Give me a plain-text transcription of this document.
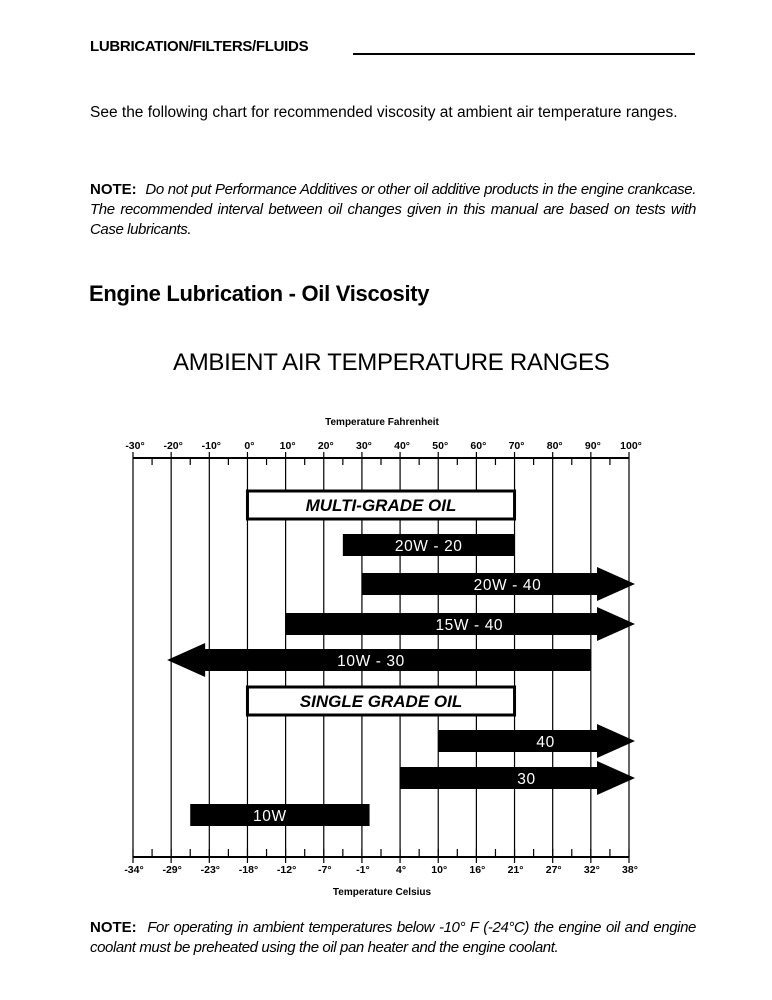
LUBRICATION/FILTERS/FLUIDS
See the following chart for recommended viscosity at ambient air temperature ranges.
NOTE: Do not put Performance Additives or other oil additive products in the engine crankcase. The recommended interval between oil changes given in this manual are based on tests with Case lubricants.
Engine Lubrication - Oil Viscosity
AMBIENT AIR TEMPERATURE RANGES
Temperature Fahrenheit
Temperature Celsius
-30° -20° -10° 0° 10° 20° 30° 40° 50° 60° 70° 80° 90° 100°
-34° -29° -23° -18° -12° -7° -1°	4° 10° 16° 21° 27° 32° 38°
MULTI-GRADE OIL
20W - 20
20W - 40
15W - 40
10W - 30
SINGLE GRADE OIL
40
30
10W
NOTE: For operating in ambient temperatures below -10° F (-24°C) the engine oil and engine coolant must be preheated using the oil pan heater and the engine coolant.
